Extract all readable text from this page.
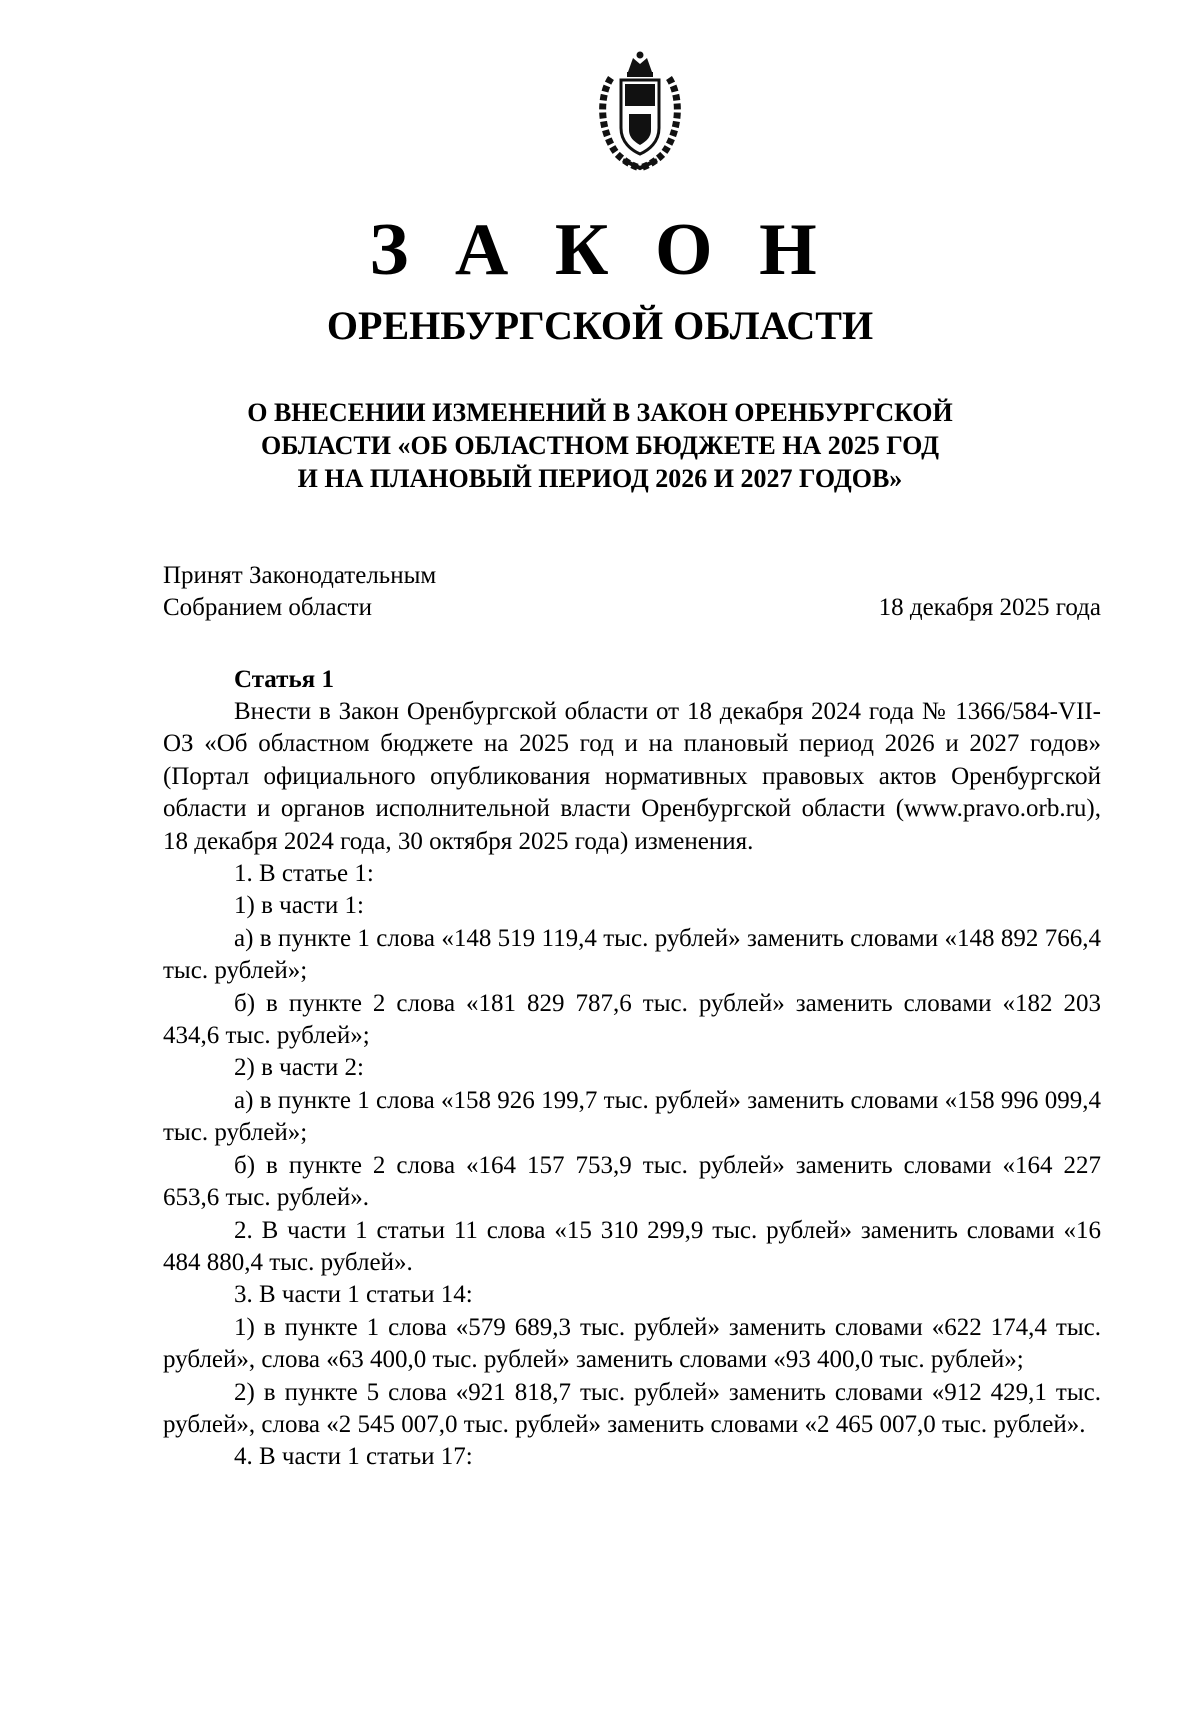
З А К О Н
ОРЕНБУРГСКОЙ ОБЛАСТИ
О ВНЕСЕНИИ ИЗМЕНЕНИЙ В ЗАКОН ОРЕНБУРГСКОЙ
ОБЛАСТИ «ОБ ОБЛАСТНОМ БЮДЖЕТЕ НА 2025 ГОД
И НА ПЛАНОВЫЙ ПЕРИОД 2026 И 2027 ГОДОВ»
Принят Законодательным
Собранием области	18 декабря 2025 года
Статья 1

Внести в Закон Оренбургской области от 18 декабря 2024 года № 1366/584-VII-ОЗ «Об областном бюджете на 2025 год и на плановый период 2026 и 2027 годов» (Портал официального опубликования нормативных правовых актов Оренбургской области и органов исполнительной власти Оренбургской области (www.pravo.orb.ru), 18 декабря 2024 года, 30 октября 2025 года) изменения.

1. В статье 1:

1) в части 1:

а) в пункте 1 слова «148 519 119,4 тыс. рублей» заменить словами «148 892 766,4 тыс. рублей»;

б) в пункте 2 слова «181 829 787,6 тыс. рублей» заменить словами «182 203 434,6 тыс. рублей»;

2) в части 2:

а) в пункте 1 слова «158 926 199,7 тыс. рублей» заменить словами «158 996 099,4 тыс. рублей»;

б) в пункте 2 слова «164 157 753,9 тыс. рублей» заменить словами «164 227 653,6 тыс. рублей».

2. В части 1 статьи 11 слова «15 310 299,9 тыс. рублей» заменить словами «16 484 880,4 тыс. рублей».

3. В части 1 статьи 14:

1) в пункте 1 слова «579 689,3 тыс. рублей» заменить словами «622 174,4 тыс. рублей», слова «63 400,0 тыс. рублей» заменить словами «93 400,0 тыс. рублей»;

2) в пункте 5 слова «921 818,7 тыс. рублей» заменить словами «912 429,1 тыс. рублей», слова «2 545 007,0 тыс. рублей» заменить словами «2 465 007,0 тыс. рублей».

4. В части 1 статьи 17:
